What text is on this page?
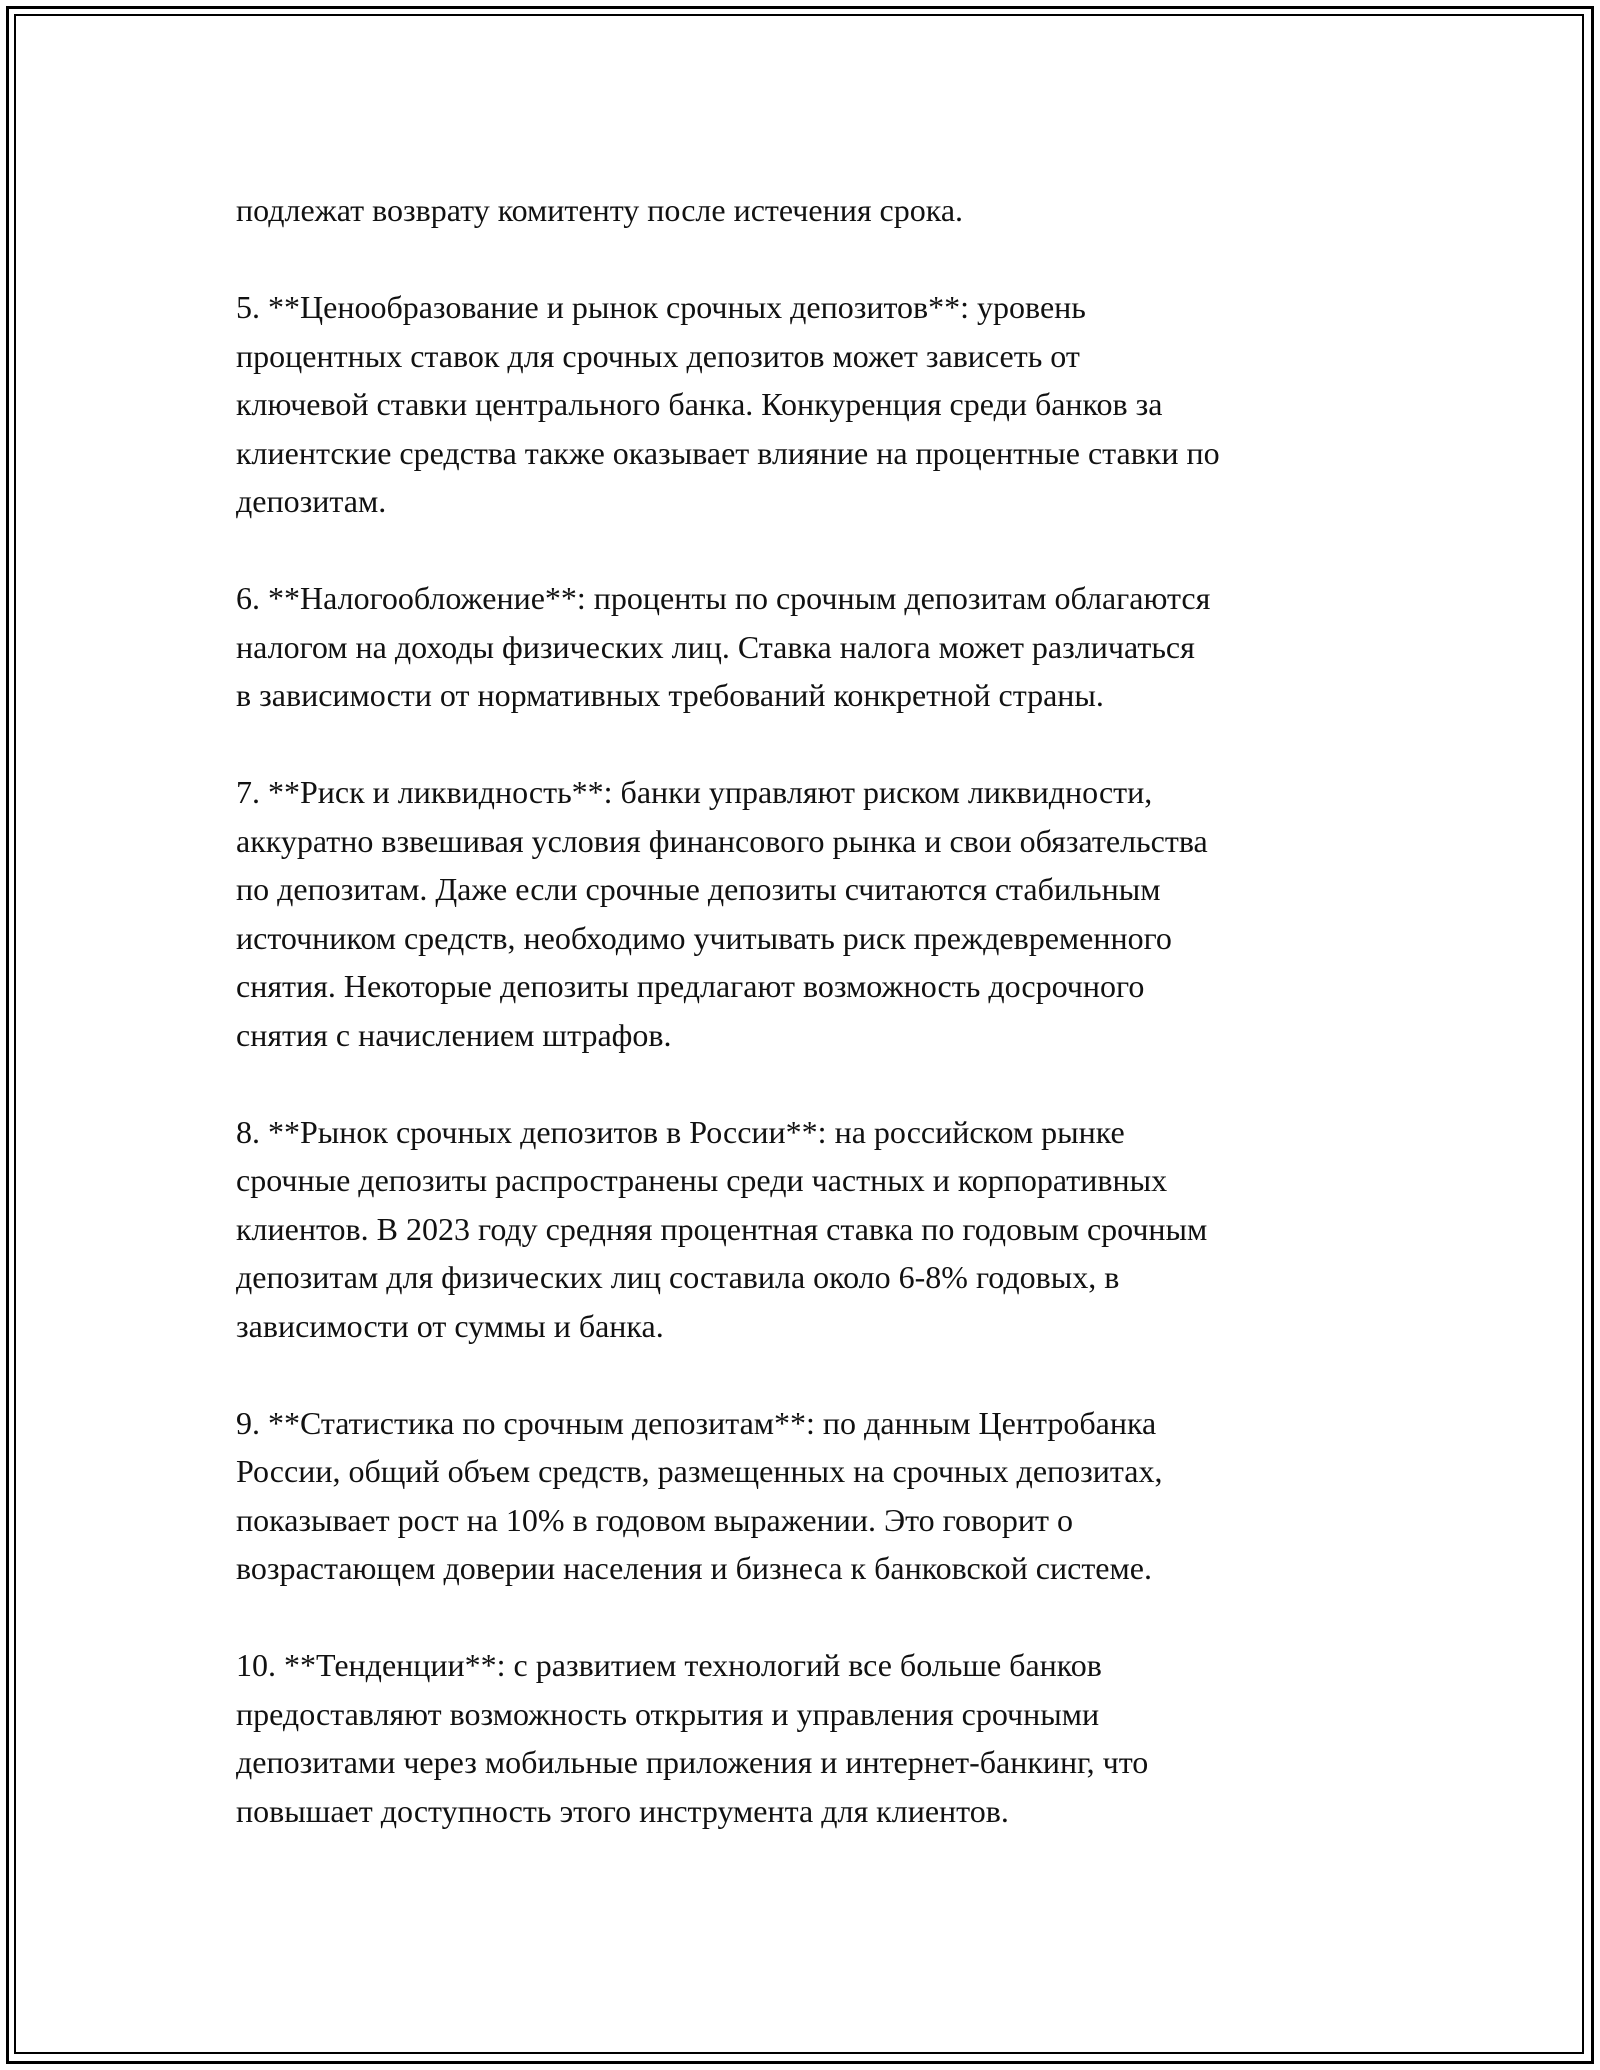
подлежат возврату комитенту после истечения срока.

5. **Ценообразование и рынок срочных депозитов**: уровень
процентных ставок для срочных депозитов может зависеть от
ключевой ставки центрального банка. Конкуренция среди банков за
клиентские средства также оказывает влияние на процентные ставки по
депозитам.

6. **Налогообложение**: проценты по срочным депозитам облагаются
налогом на доходы физических лиц. Ставка налога может различаться
в зависимости от нормативных требований конкретной страны.

7. **Риск и ликвидность**: банки управляют риском ликвидности,
аккуратно взвешивая условия финансового рынка и свои обязательства
по депозитам. Даже если срочные депозиты считаются стабильным
источником средств, необходимо учитывать риск преждевременного
снятия. Некоторые депозиты предлагают возможность досрочного
снятия с начислением штрафов.

8. **Рынок срочных депозитов в России**: на российском рынке
срочные депозиты распространены среди частных и корпоративных
клиентов. В 2023 году средняя процентная ставка по годовым срочным
депозитам для физических лиц составила около 6-8% годовых, в
зависимости от суммы и банка.

9. **Статистика по срочным депозитам**: по данным Центробанка
России, общий объем средств, размещенных на срочных депозитах,
показывает рост на 10% в годовом выражении. Это говорит о
возрастающем доверии населения и бизнеса к банковской системе.

10. **Тенденции**: с развитием технологий все больше банков
предоставляют возможность открытия и управления срочными
депозитами через мобильные приложения и интернет-банкинг, что
повышает доступность этого инструмента для клиентов.
